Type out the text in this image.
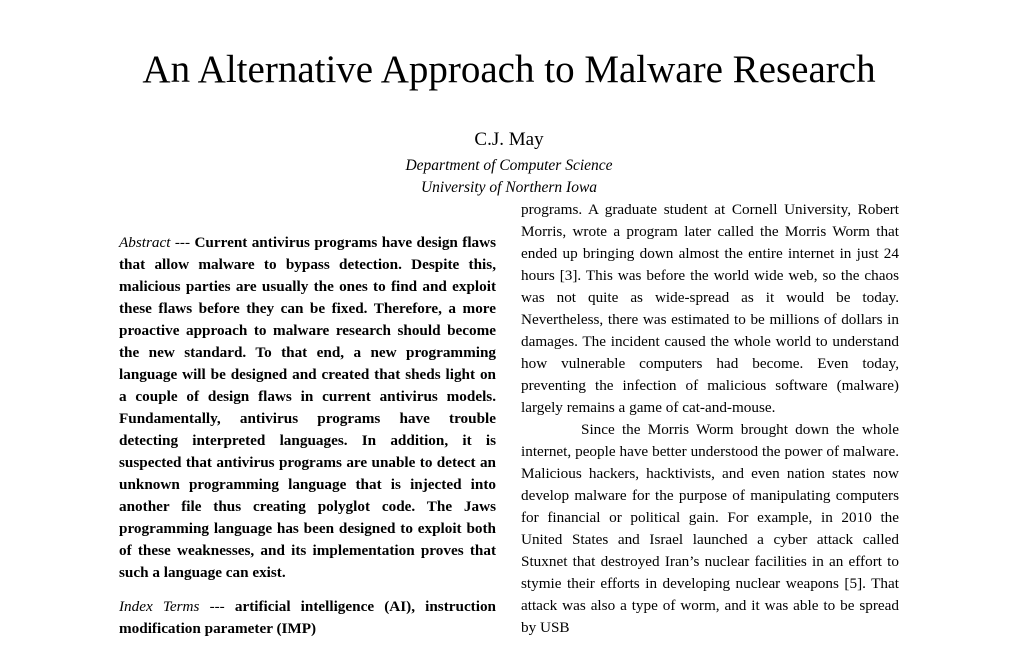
An Alternative Approach to Malware Research
C.J. May
Department of Computer Science
University of Northern Iowa

Abstract --- Current antivirus programs have design flaws that allow malware to bypass detection. Despite this, malicious parties are usually the ones to find and exploit these flaws before they can be fixed. Therefore, a more proactive approach to malware research should become the new standard. To that end, a new programming language will be designed and created that sheds light on a couple of design flaws in current antivirus models. Fundamentally, antivirus programs have trouble detecting interpreted languages. In addition, it is suspected that antivirus programs are unable to detect an unknown programming language that is injected into another file thus creating polyglot code. The Jaws programming language has been designed to exploit both of these weaknesses, and its implementation proves that such a language can exist.

Index Terms --- artificial intelligence (AI), instruction modification parameter (IMP)

programs. A graduate student at Cornell University, Robert Morris, wrote a program later called the Morris Worm that ended up bringing down almost the entire internet in just 24 hours [3]. This was before the world wide web, so the chaos was not quite as wide-spread as it would be today. Nevertheless, there was estimated to be millions of dollars in damages. The incident caused the whole world to understand how vulnerable computers had become. Even today, preventing the infection of malicious software (malware) largely remains a game of cat-and-mouse.

Since the Morris Worm brought down the whole internet, people have better understood the power of malware. Malicious hackers, hacktivists, and even nation states now develop malware for the purpose of manipulating computers for financial or political gain. For example, in 2010 the United States and Israel launched a cyber attack called Stuxnet that destroyed Iran’s nuclear facilities in an effort to stymie their efforts in developing nuclear weapons [5]. That attack was also a type of worm, and it was able to be spread by USB
